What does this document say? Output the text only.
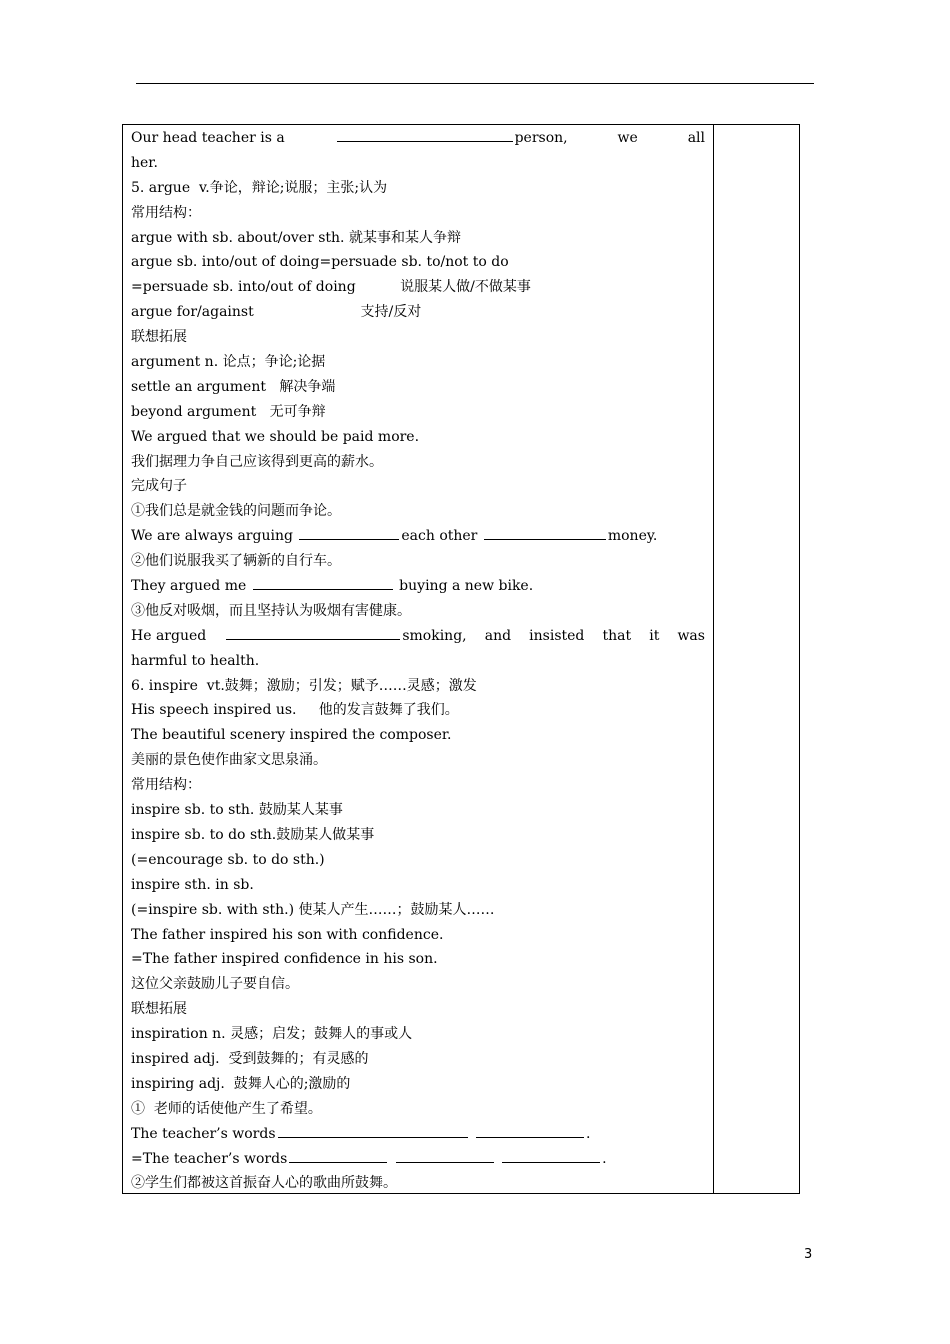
Our head teacher is a	person,	we	all
her.
5. argue  v.争论，辩论;说服；主张;认为
常用结构：
argue with sb. about/over sth. 就某事和某人争辩
argue sb. into/out of doing=persuade sb. to/not to do
=persuade sb. into/out of doing          说服某人做/不做某事
argue for/against                        支持/反对
联想拓展
argument n. 论点；争论;论据
settle an argument   解决争端
beyond argument   无可争辩
We argued that we should be paid more.
我们据理力争自己应该得到更高的薪水。
完成句子
①我们总是就金钱的问题而争论。
We are always arguing	each other	money.
②他们说服我买了辆新的自行车。
They argued me	buying a new bike.
③他反对吸烟，而且坚持认为吸烟有害健康。
He argued	smoking, and insisted that it was
harmful to health.
6. inspire  vt.鼓舞；激励；引发；赋予……灵感；激发
His speech inspired us.     他的发言鼓舞了我们。
The beautiful scenery inspired the composer.
美丽的景色使作曲家文思泉涌。
常用结构：
inspire sb. to sth. 鼓励某人某事
inspire sb. to do sth.鼓励某人做某事
(=encourage sb. to do sth.)
inspire sth. in sb.
(=inspire sb. with sth.) 使某人产生……；鼓励某人……
The father inspired his son with confidence.
=The father inspired confidence in his son.
这位父亲鼓励儿子要自信。
联想拓展
inspiration n. 灵感；启发；鼓舞人的事或人
inspired adj.  受到鼓舞的；有灵感的
inspiring adj.  鼓舞人心的;激励的
①  老师的话使他产生了希望。
The teacher’s words	.
=The teacher’s words	.
②学生们都被这首振奋人心的歌曲所鼓舞。
3
